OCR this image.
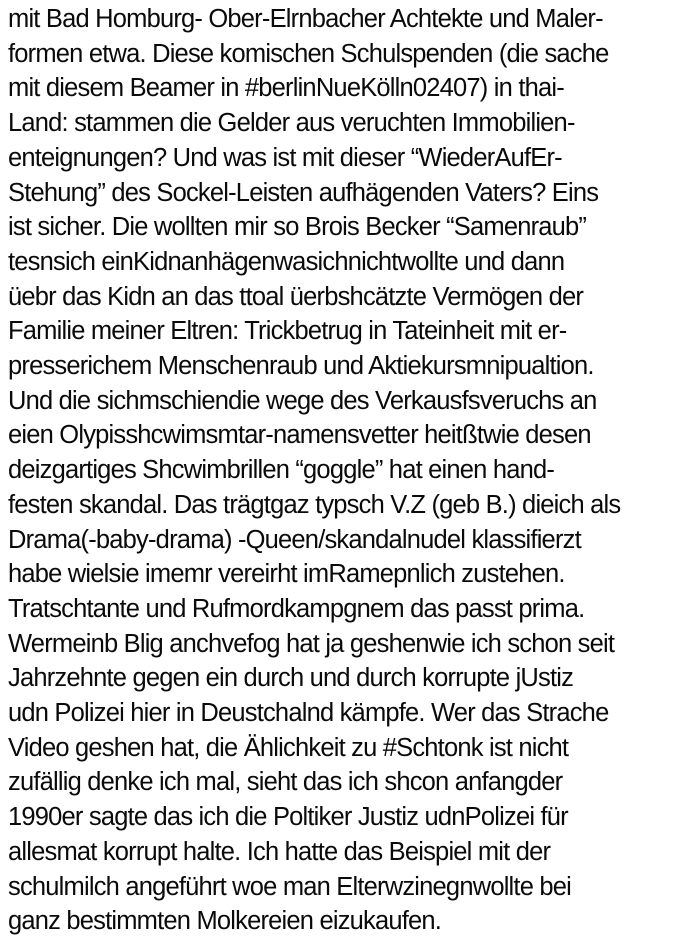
mit Bad Homburg- Ober-Elrnbacher Achtekte und Maler-
formen etwa. Diese komischen Schulspenden (die sache
mit diesem Beamer in #berlinNueKölln02407) in thai-
Land: stammen die Gelder aus veruchten Immobilien-
enteignungen? Und was ist mit dieser “WiederAufEr-
Stehung” des Sockel-Leisten aufhägenden Vaters? Eins
ist sicher. Die wollten mir so Brois Becker “Samenraub”
tesnsich einKidnanhägenwasichnichtwollte und dann
üebr das Kidn an das ttoal üerbshcätzte Vermögen der
Familie meiner Eltren: Trickbetrug in Tateinheit mit er-
presserichem Menschenraub und Aktiekursmnipualtion.
Und die sichmschiendie wege des Verkausfsveruchs an
eien Olypisshcwimsmtar-namensvetter heitßtwie desen
deizgartiges Shcwimbrillen “goggle” hat einen hand-
festen skandal. Das trägtgaz typsch V.Z (geb B.) dieich als
Drama(-baby-drama) -Queen/skandalnudel klassifierzt
habe wielsie imemr vereirht imRamepnlich zustehen.
Tratschtante und Rufmordkampgnem das passt prima.
Wermeinb Blig anchvefog hat ja geshenwie ich schon seit
Jahrzehnte gegen ein durch und durch korrupte jUstiz
udn Polizei hier in Deustchalnd kämpfe. Wer das Strache
Video geshen hat, die Ählichkeit zu #Schtonk ist nicht
zufällig denke ich mal, sieht das ich shcon anfangder
1990er sagte das ich die Poltiker Justiz udnPolizei für
allesmat korrupt halte. Ich hatte das Beispiel mit der
schulmilch angeführt woe man Elterwzinegnwollte bei
ganz bestimmten Molkereien eizukaufen.
